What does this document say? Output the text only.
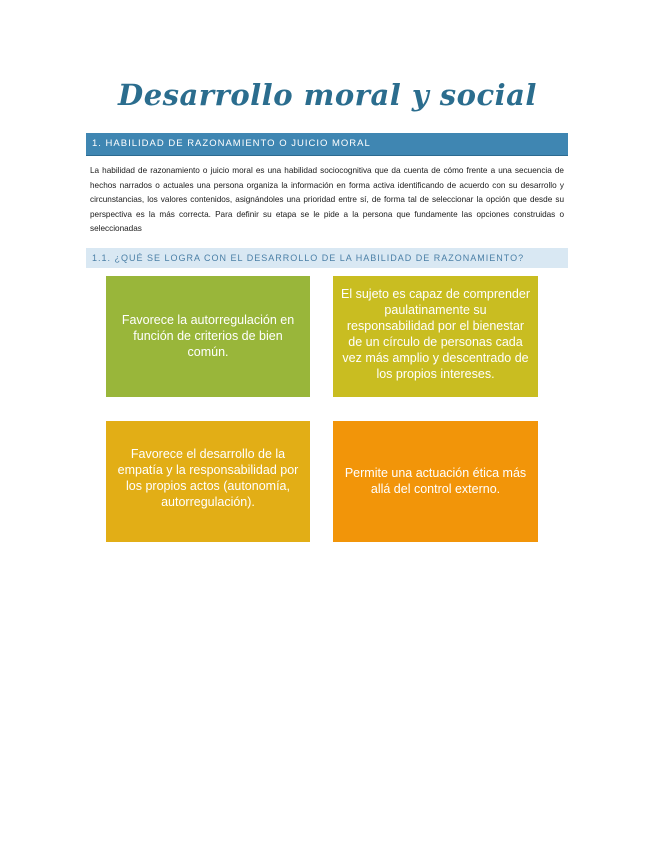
Desarrollo moral y social
1. HABILIDAD DE RAZONAMIENTO O JUICIO MORAL
La habilidad de razonamiento o juicio moral es una habilidad sociocognitiva que da cuenta de cómo frente a una secuencia de hechos narrados o actuales una persona organiza la información en forma activa identificando de acuerdo con su desarrollo y circunstancias, los valores contenidos, asignándoles una prioridad entre sí, de forma tal de seleccionar la opción que desde su perspectiva es la más correcta. Para definir su etapa se le pide a la persona que fundamente las opciones construidas o seleccionadas
1.1. ¿QUÉ SE LOGRA CON EL DESARROLLO DE LA HABILIDAD DE RAZONAMIENTO?
Favorece la autorregulación en función de criterios de bien común.
El sujeto es capaz de comprender paulatinamente su responsabilidad por el bienestar de un círculo de personas cada vez más amplio y descentrado de los propios intereses.
Favorece el desarrollo de la empatía y la responsabilidad por los propios actos (autonomía, autorregulación).
Permite una actuación ética más allá del control externo.
